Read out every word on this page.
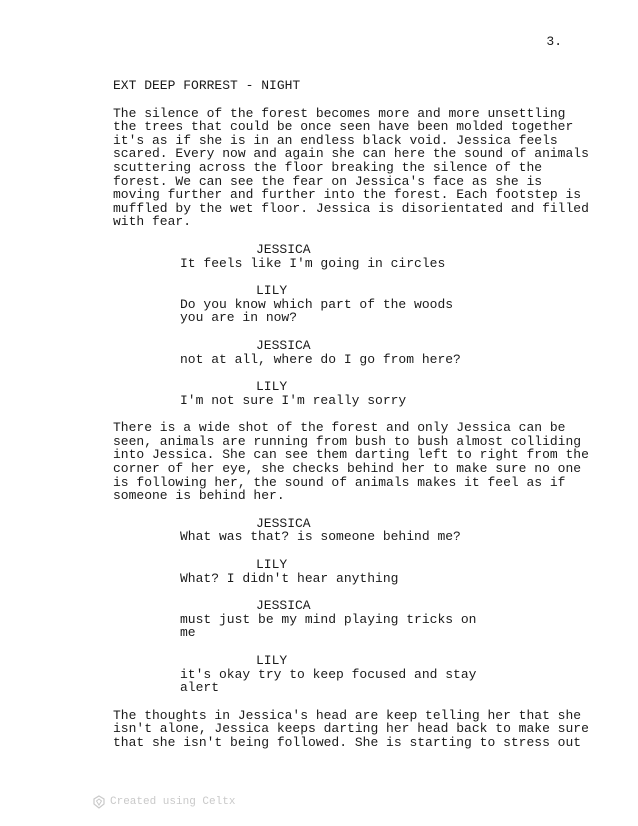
3.
EXT DEEP FORREST - NIGHT
The silence of the forest becomes more and more unsettling
the trees that could be once seen have been molded together
it's as if she is in an endless black void. Jessica feels
scared. Every now and again she can here the sound of animals
scuttering across the floor breaking the silence of the
forest. We can see the fear on Jessica's face as she is
moving further and further into the forest. Each footstep is
muffled by the wet floor. Jessica is disorientated and filled
with fear.
JESSICA
It feels like I'm going in circles
LILY
Do you know which part of the woods
you are in now?
JESSICA
not at all, where do I go from here?
LILY
I'm not sure I'm really sorry
There is a wide shot of the forest and only Jessica can be
seen, animals are running from bush to bush almost colliding
into Jessica. She can see them darting left to right from the
corner of her eye, she checks behind her to make sure no one
is following her, the sound of animals makes it feel as if
someone is behind her.
JESSICA
What was that? is someone behind me?
LILY
What? I didn't hear anything
JESSICA
must just be my mind playing tricks on
me
LILY
it's okay try to keep focused and stay
alert
The thoughts in Jessica's head are keep telling her that she
isn't alone, Jessica keeps darting her head back to make sure
that she isn't being followed. She is starting to stress out
Created using Celtx
